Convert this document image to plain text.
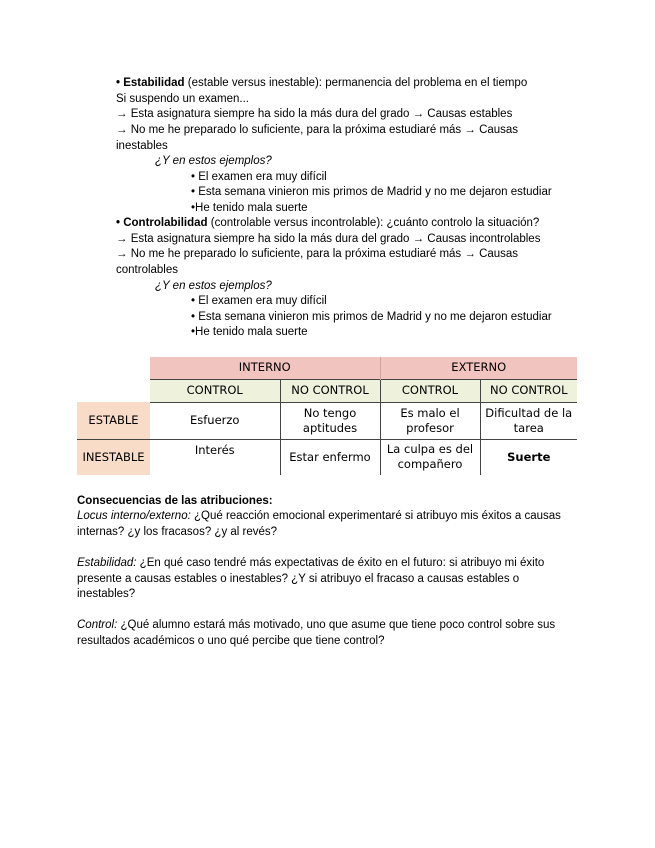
• Estabilidad (estable versus inestable): permanencia del problema en el tiempo
Si suspendo un examen...
→ Esta asignatura siempre ha sido la más dura del grado → Causas estables
→ No me he preparado lo suficiente, para la próxima estudiaré más → Causas
inestables
¿Y en estos ejemplos?
• El examen era muy difícil
• Esta semana vinieron mis primos de Madrid y no me dejaron estudiar
•He tenido mala suerte
• Controlabilidad (controlable versus incontrolable): ¿cuánto controlo la situación?
→ Esta asignatura siempre ha sido la más dura del grado → Causas incontrolables
→ No me he preparado lo suficiente, para la próxima estudiaré más → Causas
controlables
¿Y en estos ejemplos?
• El examen era muy difícil
• Esta semana vinieron mis primos de Madrid y no me dejaron estudiar
•He tenido mala suerte
	INTERNO		EXTERNO	
	CONTROL	NO CONTROL	CONTROL	NO CONTROL
ESTABLE	Esfuerzo	No tengo aptitudes	Es malo el profesor	Dificultad de la tarea
INESTABLE	Interés	Estar enfermo	La culpa es del compañero	Suerte
Consecuencias de las atribuciones:
Locus interno/externo: ¿Qué reacción emocional experimentaré si atribuyo mis éxitos a causas
internas? ¿y los fracasos? ¿y al revés?
Estabilidad: ¿En qué caso tendré más expectativas de éxito en el futuro: si atribuyo mi éxito
presente a causas estables o inestables? ¿Y si atribuyo el fracaso a causas estables o
inestables?
Control: ¿Qué alumno estará más motivado, uno que asume que tiene poco control sobre sus
resultados académicos o uno qué percibe que tiene control?
